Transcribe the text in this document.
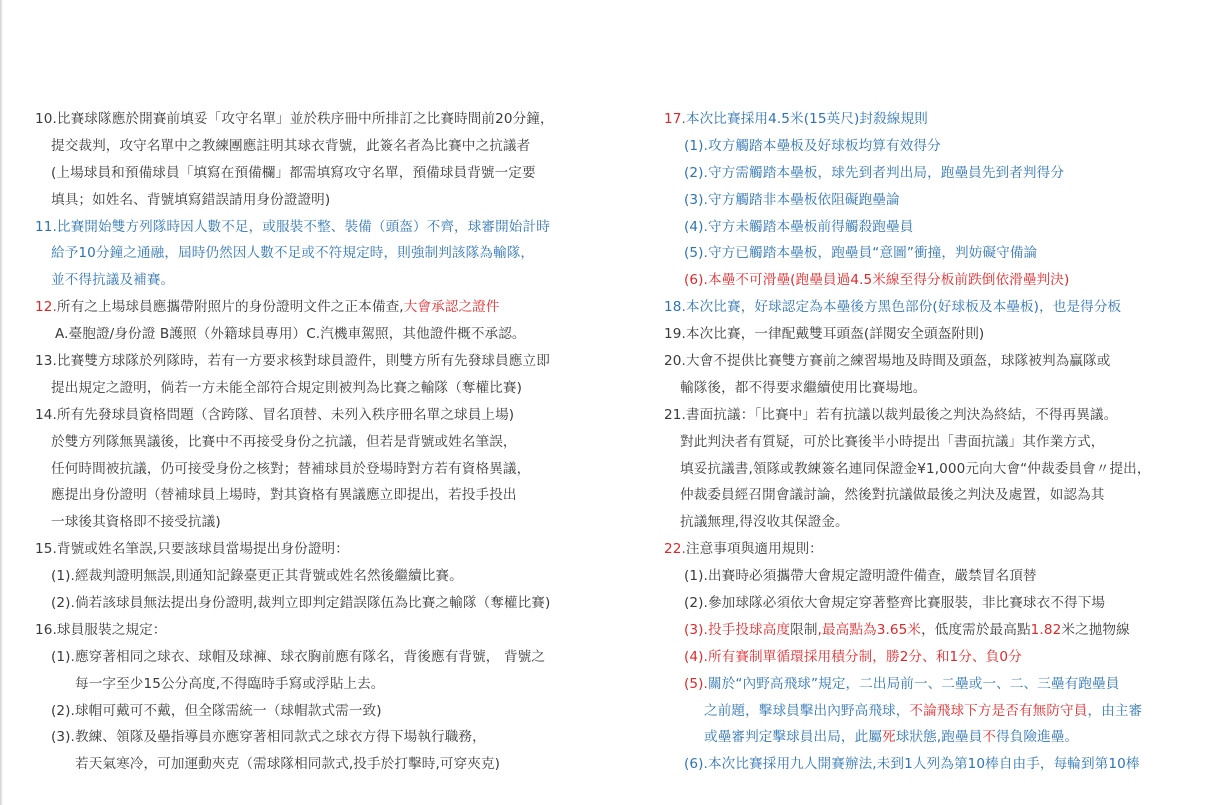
10.比賽球隊應於開賽前填妥「攻守名單」並於秩序冊中所排訂之比賽時間前20分鐘，
提交裁判，攻守名單中之教練團應註明其球衣背號，此簽名者為比賽中之抗議者
(上場球員和預備球員「填寫在預備欄」都需填寫攻守名單，預備球員背號一定要
填具；如姓名、背號填寫錯誤請用身份證證明)
11.比賽開始雙方列隊時因人數不足，或服裝不整、裝備（頭盔）不齊，球審開始計時
給予10分鐘之通融，屆時仍然因人數不足或不符規定時，則強制判該隊為輸隊，
並不得抗議及補賽。
12.所有之上場球員應攜帶附照片的身份證明文件之正本備查,大會承認之證件
A.臺胞證/身份證 B護照（外籍球員專用）C.汽機車駕照，其他證件概不承認。
13.比賽雙方球隊於列隊時，若有一方要求核對球員證件，則雙方所有先發球員應立即
提出規定之證明，倘若一方未能全部符合規定則被判為比賽之輸隊（奪權比賽)
14.所有先發球員資格問題（含跨隊、冒名頂替、未列入秩序冊名單之球員上場)
於雙方列隊無異議後，比賽中不再接受身份之抗議，但若是背號或姓名筆誤，
任何時間被抗議，仍可接受身份之核對；替補球員於登場時對方若有資格異議，
應提出身份證明（替補球員上場時，對其資格有異議應立即提出，若投手投出
一球後其資格即不接受抗議)
15.背號或姓名筆誤,只要該球員當場提出身份證明：
(1).經裁判證明無誤,則通知記錄臺更正其背號或姓名然後繼續比賽。
(2).倘若該球員無法提出身份證明,裁判立即判定錯誤隊伍為比賽之輸隊（奪權比賽)
16.球員服裝之規定：
(1).應穿著相同之球衣、球帽及球褲、球衣胸前應有隊名，背後應有背號， 背號之
每一字至少15公分高度,不得臨時手寫或浮貼上去。
(2).球帽可戴可不戴，但全隊需統一（球帽款式需一致)
(3).教練、領隊及壘指導員亦應穿著相同款式之球衣方得下場執行職務，
若天氣寒冷，可加運動夾克（需球隊相同款式,投手於打擊時,可穿夾克)
17.本次比賽採用4.5米(15英尺)封殺線規則
(1).攻方觸踏本壘板及好球板均算有效得分
(2).守方需觸踏本壘板，球先到者判出局，跑壘員先到者判得分
(3).守方觸踏非本壘板依阻礙跑壘論
(4).守方未觸踏本壘板前得觸殺跑壘員
(5).守方已觸踏本壘板，跑壘員“意圖”衝撞，判妨礙守備論
(6).本壘不可滑壘(跑壘員過4.5米線至得分板前跌倒依滑壘判決)
18.本次比賽，好球認定為本壘後方黑色部份(好球板及本壘板)，也是得分板
19.本次比賽，一律配戴雙耳頭盔(詳閱安全頭盔附則)
20.大會不提供比賽雙方賽前之練習場地及時間及頭盔，球隊被判為贏隊或
輸隊後，都不得要求繼續使用比賽場地。
21.書面抗議：「比賽中」若有抗議以裁判最後之判決為終結，不得再異議。
對此判決者有質疑，可於比賽後半小時提出「書面抗議」其作業方式，
填妥抗議書,領隊或教練簽名連同保證金¥1,000元向大會“仲裁委員會〃提出，
仲裁委員經召開會議討論，然後對抗議做最後之判決及處置，如認為其
抗議無理,得沒收其保證金。
22.注意事項與適用規則：
(1).出賽時必須攜帶大會規定證明證件備查，嚴禁冒名頂替
(2).參加球隊必須依大會規定穿著整齊比賽服裝，非比賽球衣不得下場
(3).投手投球高度限制,最高點為3.65米，低度需於最高點1.82米之拋物線
(4).所有賽制單循環採用積分制，勝2分、和1分、負0分
(5).關於“內野高飛球”規定，二出局前一、二壘或一、二、三壘有跑壘員
之前題，擊球員擊出內野高飛球，不論飛球下方是否有無防守員，由主審
或壘審判定擊球員出局，此屬死球狀態,跑壘員不得負險進壘。
(6).本次比賽採用九人開賽辦法,未到1人列為第10棒自由手，每輪到第10棒
